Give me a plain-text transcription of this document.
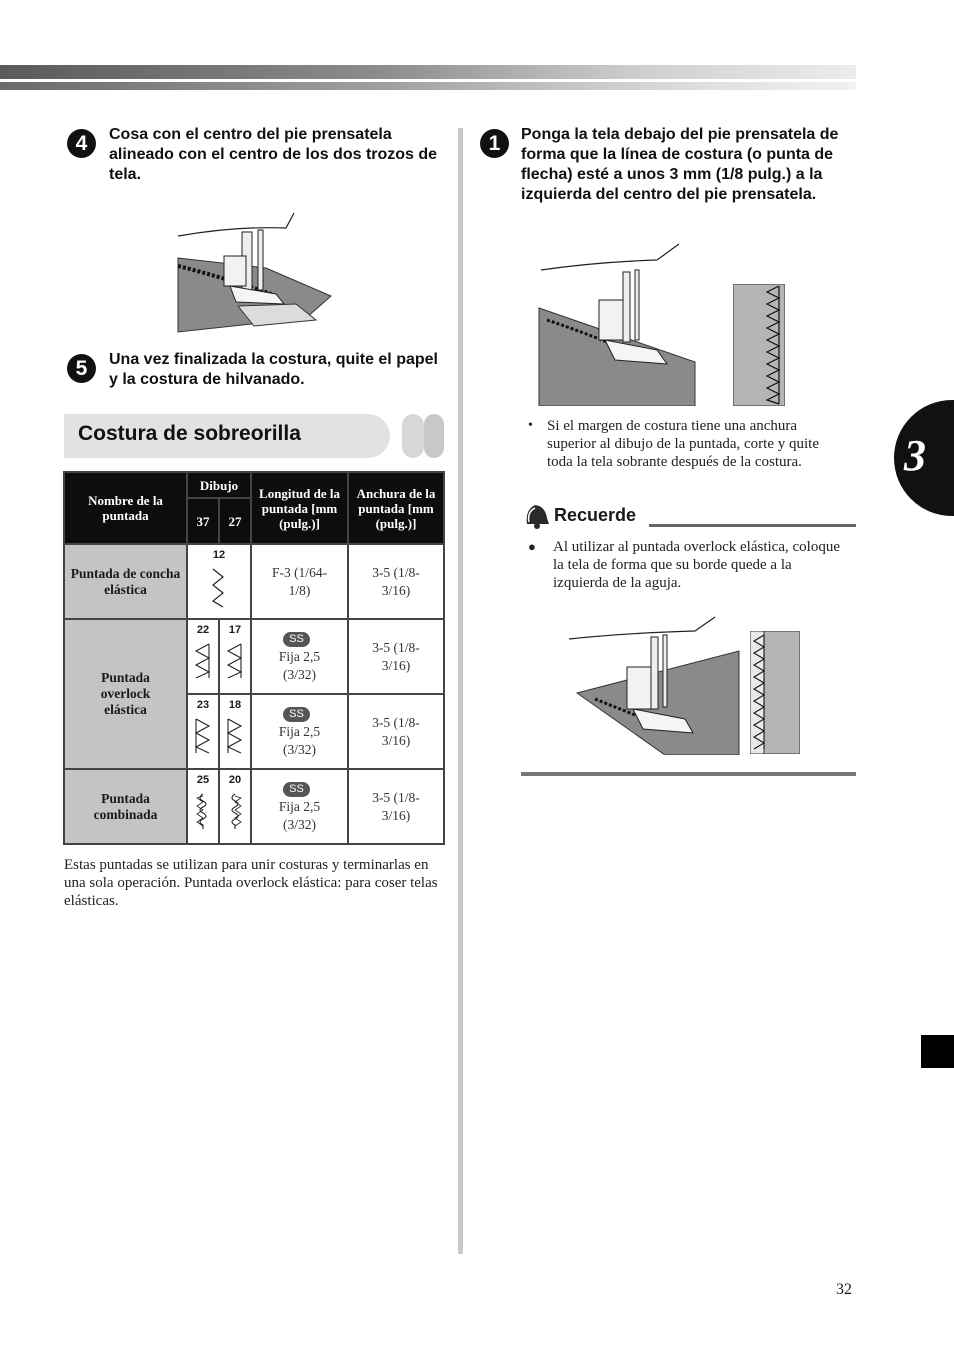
4	Cosa con el centro del pie prensatela alineado con el centro de los dos trozos de tela.
5	Una vez finalizada la costura, quite el papel y la costura de hilvanado.
Costura de sobreorilla
Nombre de la puntada	Dibujo		Longitud de la puntada [mm (pulg.)]	Anchura de la puntada [mm (pulg.)]
	37	27		
Puntada de concha elástica	12		F-3 (1/64-1/8)	3-5 (1/8-3/16)
Puntada overlock elástica	22	17	SSFija 2,5 (3/32)	3-5 (1/8-3/16)

	23	18	SSFija 2,5 (3/32)	3-5 (1/8-3/16)
Puntada combinada	25	20	SSFija 2,5 (3/32)	3-5 (1/8-3/16)
Estas puntadas se utilizan para unir costuras y terminarlas en una sola operación. Puntada overlock elástica: para coser telas elásticas.
1	Ponga la tela debajo del pie prensatela de forma que la línea de costura (o punta de flecha) esté a unos 3 mm (1/8 pulg.) a la izquierda del centro del pie prensatela.
• Si el margen de costura tiene una anchura superior al dibujo de la puntada, corte y quite toda la tela sobrante después de la costura.
Recuerde
●	Al utilizar al puntada overlock elástica, coloque la tela de forma que su borde quede a la izquierda de la aguja.
3
32
